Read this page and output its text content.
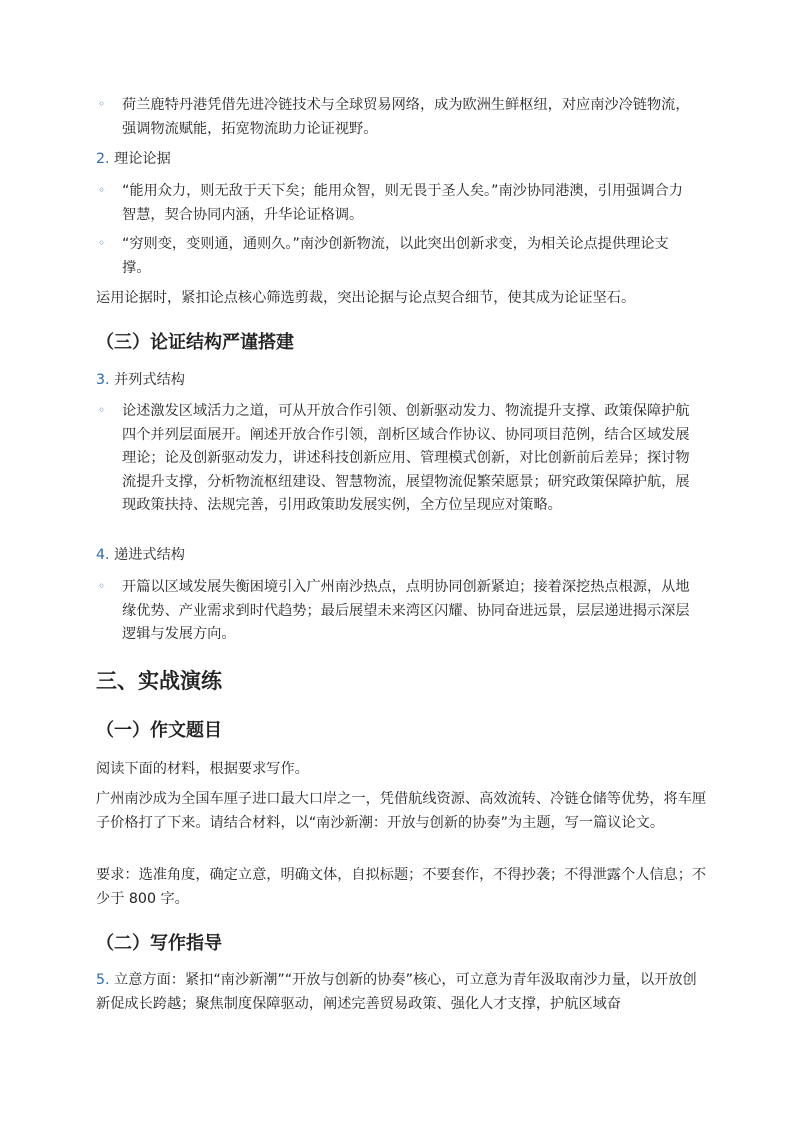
◦ 荷兰鹿特丹港凭借先进冷链技术与全球贸易网络，成为欧洲生鲜枢纽，对应南沙冷链物流，强调物流赋能，拓宽物流助力论证视野。
2. 理论论据
◦ “能用众力，则无敌于天下矣；能用众智，则无畏于圣人矣。”南沙协同港澳，引用强调合力智慧，契合协同内涵，升华论证格调。
◦ “穷则变，变则通，通则久。”南沙创新物流，以此突出创新求变，为相关论点提供理论支撑。
运用论据时，紧扣论点核心筛选剪裁，突出论据与论点契合细节，使其成为论证坚石。
（三）论证结构严谨搭建
3. 并列式结构
◦ 论述激发区域活力之道，可从开放合作引领、创新驱动发力、物流提升支撑、政策保障护航四个并列层面展开。阐述开放合作引领，剖析区域合作协议、协同项目范例，结合区域发展理论；论及创新驱动发力，讲述科技创新应用、管理模式创新，对比创新前后差异；探讨物流提升支撑，分析物流枢纽建设、智慧物流，展望物流促繁荣愿景；研究政策保障护航，展现政策扶持、法规完善，引用政策助发展实例，全方位呈现应对策略。
4. 递进式结构
◦ 开篇以区域发展失衡困境引入广州南沙热点，点明协同创新紧迫；接着深挖热点根源，从地缘优势、产业需求到时代趋势；最后展望未来湾区闪耀、协同奋进远景，层层递进揭示深层逻辑与发展方向。
三、实战演练
（一）作文题目
阅读下面的材料，根据要求写作。
广州南沙成为全国车厘子进口最大口岸之一，凭借航线资源、高效流转、冷链仓储等优势，将车厘子价格打了下来。请结合材料，以“南沙新潮：开放与创新的协奏”为主题，写一篇议论文。
要求：选准角度，确定立意，明确文体，自拟标题；不要套作，不得抄袭；不得泄露个人信息；不少于 800 字。
（二）写作指导
5. 立意方面：紧扣“南沙新潮”“开放与创新的协奏”核心，可立意为青年汲取南沙力量，以开放创新促成长跨越；聚焦制度保障驱动，阐述完善贸易政策、强化人才支撑，护航区域奋
